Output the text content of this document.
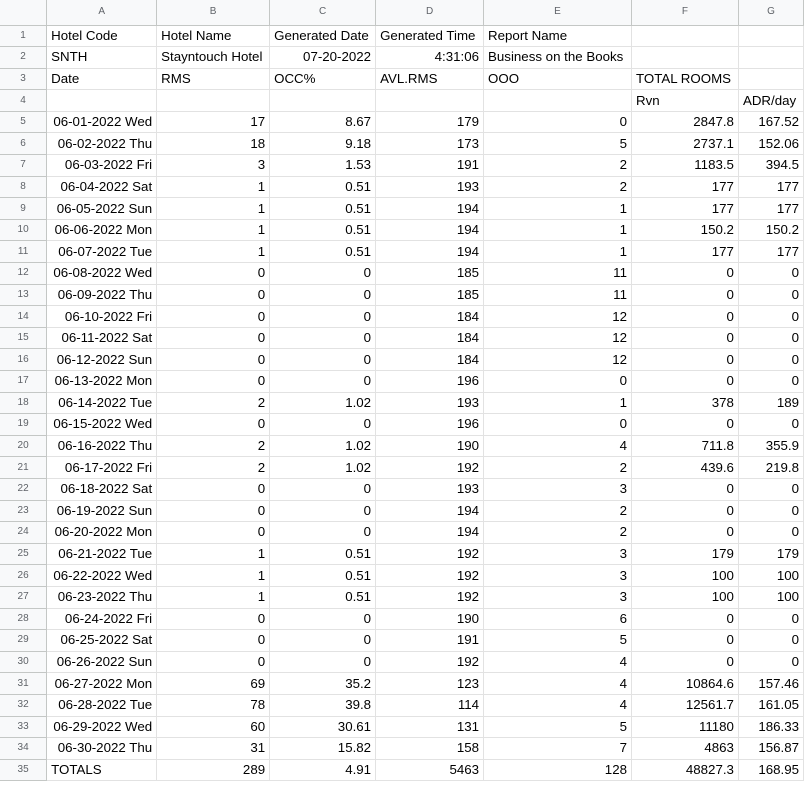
	A	B	C	D	E	F	G
1	Hotel Code	Hotel Name	Generated Date	Generated Time	Report Name		
2	SNTH	Stayntouch Hotel	07-20-2022	4:31:06	Business on the Books		
3	Date	RMS	OCC%	AVL.RMS	OOO	TOTAL ROOMS	
4						Rvn	ADR/day
5	06-01-2022 Wed	17	8.67	179	0	2847.8	167.52
6	06-02-2022 Thu	18	9.18	173	5	2737.1	152.06
7	06-03-2022 Fri	3	1.53	191	2	1183.5	394.5
8	06-04-2022 Sat	1	0.51	193	2	177	177
9	06-05-2022 Sun	1	0.51	194	1	177	177
10	06-06-2022 Mon	1	0.51	194	1	150.2	150.2
11	06-07-2022 Tue	1	0.51	194	1	177	177
12	06-08-2022 Wed	0	0	185	11	0	0
13	06-09-2022 Thu	0	0	185	11	0	0
14	06-10-2022 Fri	0	0	184	12	0	0
15	06-11-2022 Sat	0	0	184	12	0	0
16	06-12-2022 Sun	0	0	184	12	0	0
17	06-13-2022 Mon	0	0	196	0	0	0
18	06-14-2022 Tue	2	1.02	193	1	378	189
19	06-15-2022 Wed	0	0	196	0	0	0
20	06-16-2022 Thu	2	1.02	190	4	711.8	355.9
21	06-17-2022 Fri	2	1.02	192	2	439.6	219.8
22	06-18-2022 Sat	0	0	193	3	0	0
23	06-19-2022 Sun	0	0	194	2	0	0
24	06-20-2022 Mon	0	0	194	2	0	0
25	06-21-2022 Tue	1	0.51	192	3	179	179
26	06-22-2022 Wed	1	0.51	192	3	100	100
27	06-23-2022 Thu	1	0.51	192	3	100	100
28	06-24-2022 Fri	0	0	190	6	0	0
29	06-25-2022 Sat	0	0	191	5	0	0
30	06-26-2022 Sun	0	0	192	4	0	0
31	06-27-2022 Mon	69	35.2	123	4	10864.6	157.46
32	06-28-2022 Tue	78	39.8	114	4	12561.7	161.05
33	06-29-2022 Wed	60	30.61	131	5	11180	186.33
34	06-30-2022 Thu	31	15.82	158	7	4863	156.87
35	TOTALS	289	4.91	5463	128	48827.3	168.95
